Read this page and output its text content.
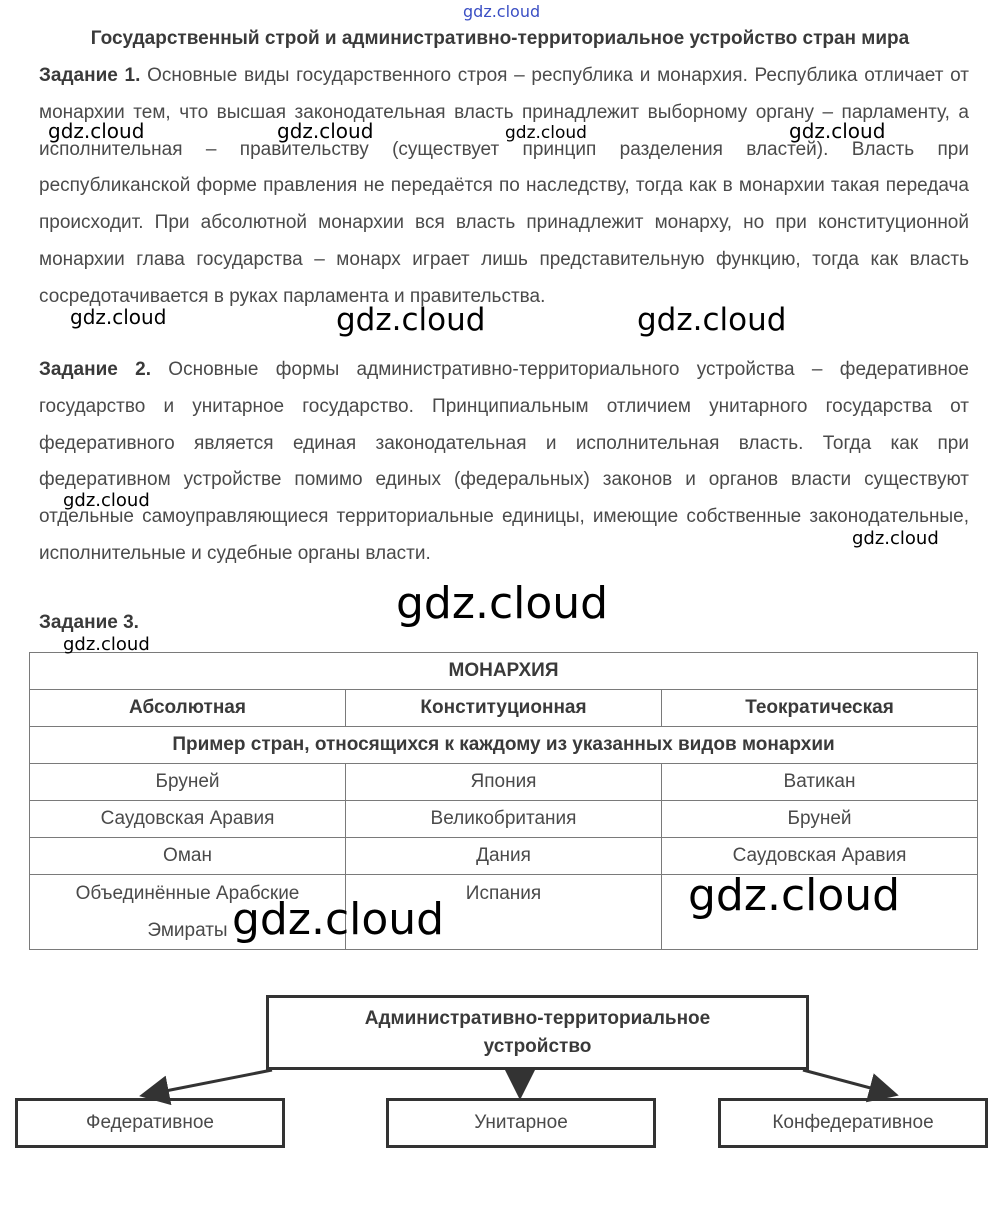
Государственный строй и административно-территориальное устройство стран мира
Задание 1. Основные виды государственного строя – республика и монархия. Республика отличает от монархии тем, что высшая законодательная власть принадлежит выборному органу – парламенту, а исполнительная – правительству (существует принцип разделения властей). Власть при республиканской форме правления не передаётся по наследству, тогда как в монархии такая передача происходит. При абсолютной монархии вся власть принадлежит монарху, но при конституционной монархии глава государства – монарх играет лишь представительную функцию, тогда как власть сосредотачивается в руках парламента и правительства.
Задание 2. Основные формы административно-территориального устройства – федеративное государство и унитарное государство. Принципиальным отличием унитарного государства от федеративного является единая законодательная и исполнительная власть. Тогда как при федеративном устройстве помимо единых (федеральных) законов и органов власти существуют отдельные самоуправляющиеся территориальные единицы, имеющие собственные законодательные, исполнительные и судебные органы власти.
Задание 3.
МОНАРХИЯ		
Абсолютная	Конституционная	Теократическая
Пример стран, относящихся к каждому из указанных видов монархии		
Бруней	Япония	Ватикан
Саудовская Аравия	Великобритания	Бруней
Оман	Дания	Саудовская Аравия
Объединённые Арабские Эмираты	Испания	
Административно-территориальное устройство
Федеративное	Унитарное	Конфедеративное
gdz.cloud
gdz.cloud	gdz.cloud	gdz.cloud	gdz.cloud
gdz.cloud	gdz.cloud	gdz.cloud
gdz.cloud
gdz.cloud
gdz.cloud
gdz.cloud
gdz.cloud
gdz.cloud
